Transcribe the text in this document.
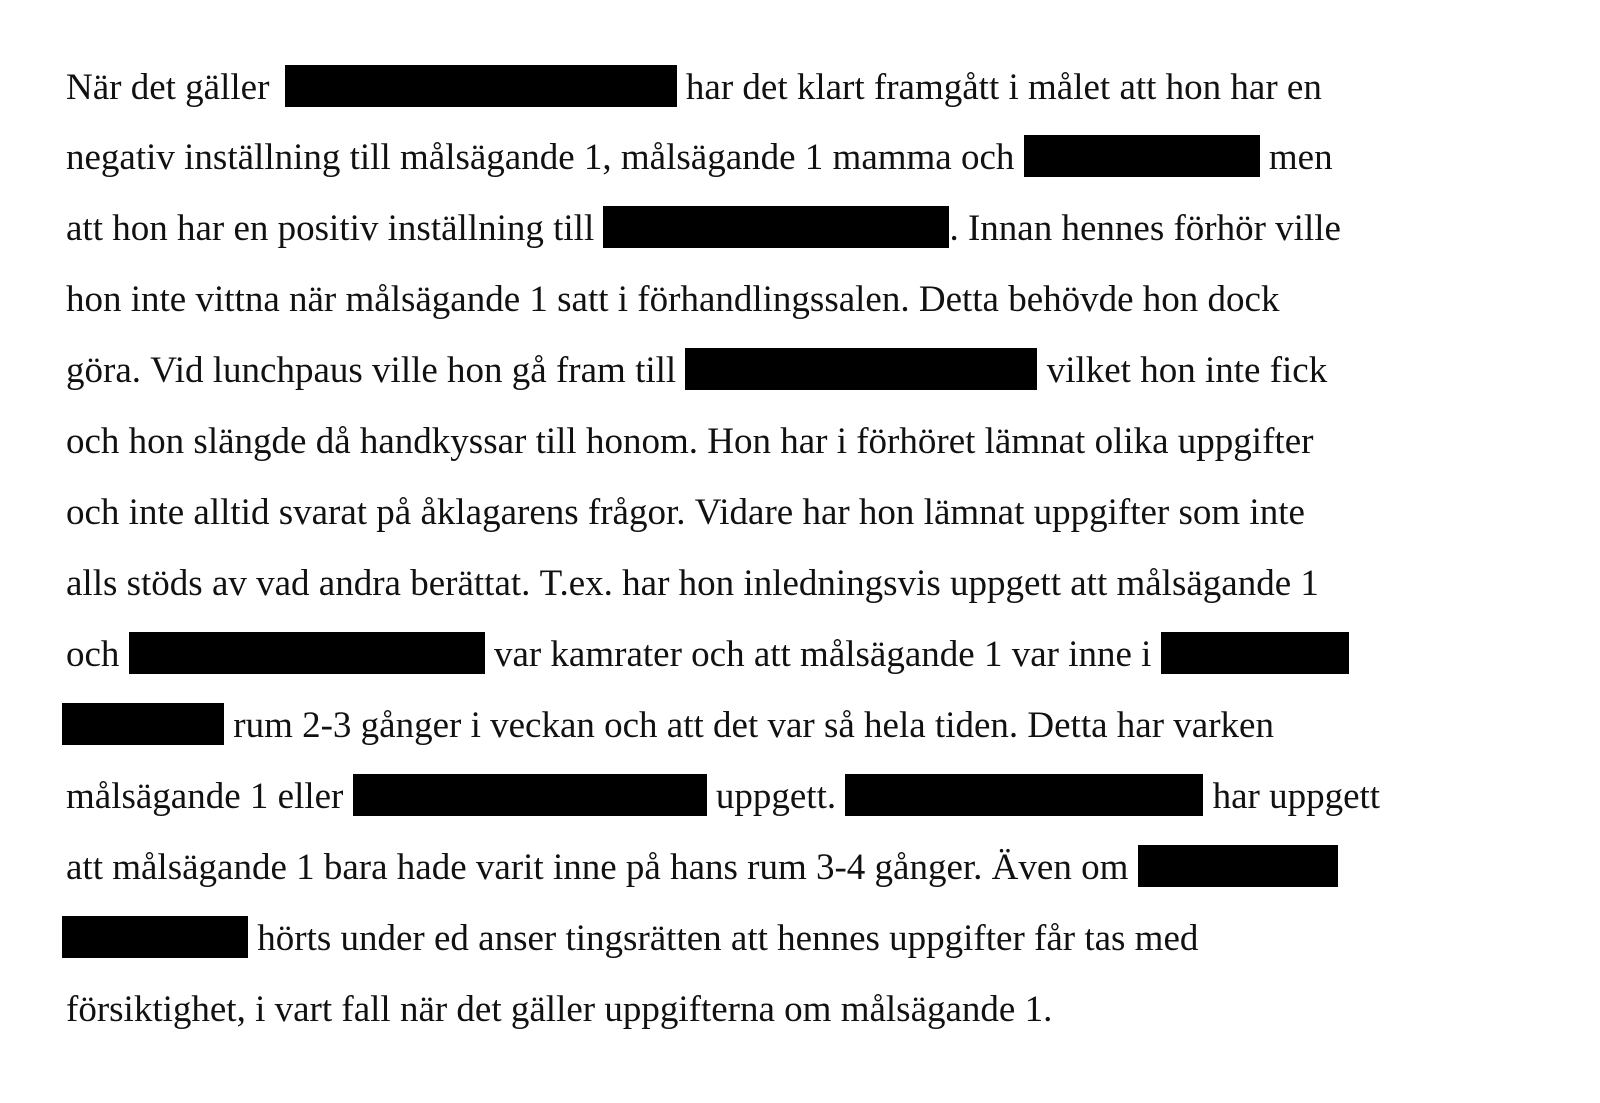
När det gäller	har det klart framgått i målet att hon har en
negativ inställning till målsägande 1, målsägande 1 mamma och	men
att hon har en positiv inställning till	. Innan hennes förhör ville
hon inte vittna när målsägande 1 satt i förhandlingssalen. Detta behövde hon dock
göra. Vid lunchpaus ville hon gå fram till	vilket hon inte fick
och hon slängde då handkyssar till honom. Hon har i förhöret lämnat olika uppgifter
och inte alltid svarat på åklagarens frågor. Vidare har hon lämnat uppgifter som inte
alls stöds av vad andra berättat. T.ex. har hon inledningsvis uppgett att målsägande 1
och	var kamrater och att målsägande 1 var inne i
rum 2-3 gånger i veckan och att det var så hela tiden. Detta har varken
målsägande 1 eller	uppgett.	har uppgett
att målsägande 1 bara hade varit inne på hans rum 3-4 gånger. Även om
hörts under ed anser tingsrätten att hennes uppgifter får tas med
försiktighet, i vart fall när det gäller uppgifterna om målsägande 1.
